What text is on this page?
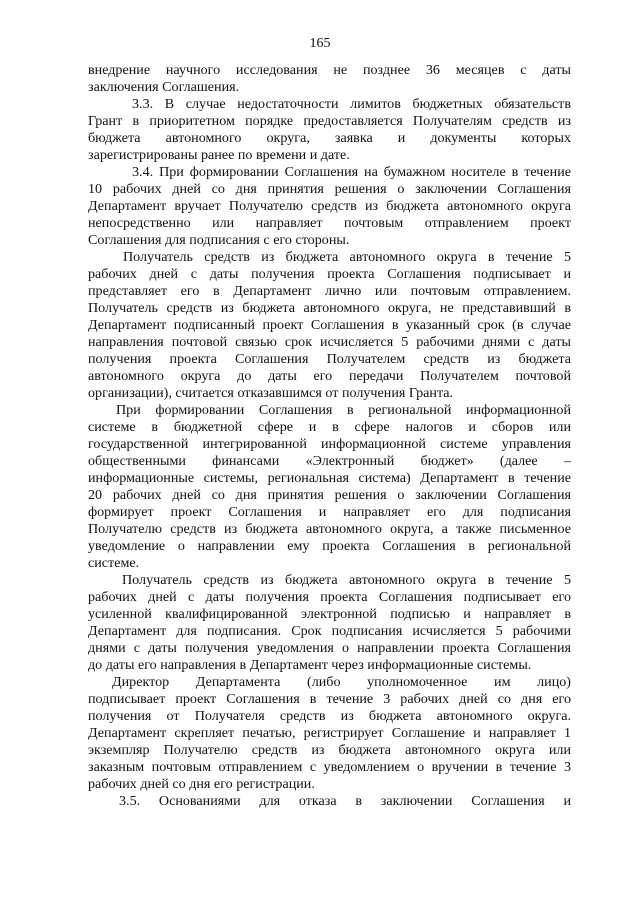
165
внедрение научного исследования не позднее 36 месяцев с даты
заключения Соглашения.
3.3. В случае недостаточности лимитов бюджетных обязательств
Грант в приоритетном порядке предоставляется Получателям средств из
бюджета автономного округа, заявка и документы которых
зарегистрированы ранее по времени и дате.
3.4. При формировании Соглашения на бумажном носителе в течение
10 рабочих дней со дня принятия решения о заключении Соглашения
Департамент вручает Получателю средств из бюджета автономного округа
непосредственно или направляет почтовым отправлением проект
Соглашения для подписания с его стороны.
Получатель средств из бюджета автономного округа в течение 5
рабочих дней с даты получения проекта Соглашения подписывает и
представляет его в Департамент лично или почтовым отправлением.
Получатель средств из бюджета автономного округа, не представивший в
Департамент подписанный проект Соглашения в указанный срок (в случае
направления почтовой связью срок исчисляется 5 рабочими днями с даты
получения проекта Соглашения Получателем средств из бюджета
автономного округа до даты его передачи Получателем почтовой
организации), считается отказавшимся от получения Гранта.
При формировании Соглашения в региональной информационной
системе в бюджетной сфере и в сфере налогов и сборов или
государственной интегрированной информационной системе управления
общественными финансами «Электронный бюджет» (далее –
информационные системы, региональная система) Департамент в течение
20 рабочих дней со дня принятия решения о заключении Соглашения
формирует проект Соглашения и направляет его для подписания
Получателю средств из бюджета автономного округа, а также письменное
уведомление о направлении ему проекта Соглашения в региональной
системе.
Получатель средств из бюджета автономного округа в течение 5
рабочих дней с даты получения проекта Соглашения подписывает его
усиленной квалифицированной электронной подписью и направляет в
Департамент для подписания. Срок подписания исчисляется 5 рабочими
днями с даты получения уведомления о направлении проекта Соглашения
до даты его направления в Департамент через информационные системы.
Директор Департамента (либо уполномоченное им лицо)
подписывает проект Соглашения в течение 3 рабочих дней со дня его
получения от Получателя средств из бюджета автономного округа.
Департамент скрепляет печатью, регистрирует Соглашение и направляет 1
экземпляр Получателю средств из бюджета автономного округа или
заказным почтовым отправлением с уведомлением о вручении в течение 3
рабочих дней со дня его регистрации.
3.5. Основаниями для отказа в заключении Соглашения и
